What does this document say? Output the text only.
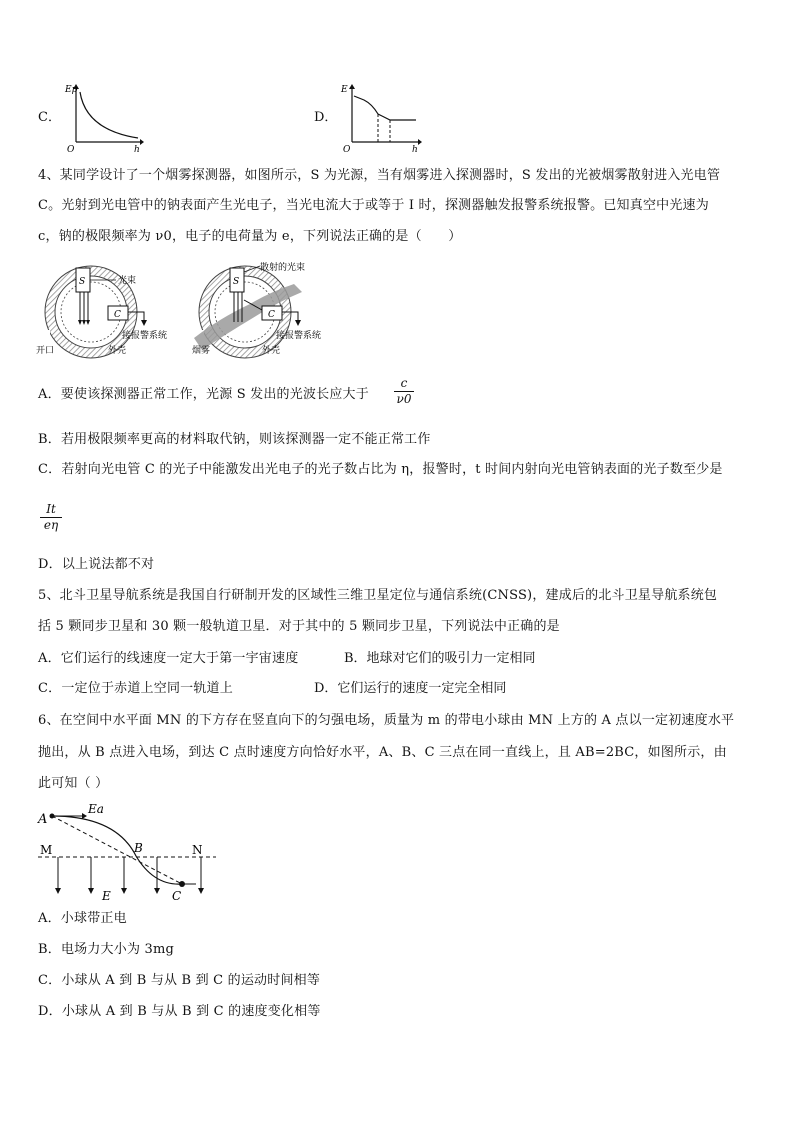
C．
Ep
h
O
D．
E
h
O
4、某同学设计了一个烟雾探测器，如图所示，S 为光源，当有烟雾进入探测器时，S 发出的光被烟雾散射进入光电管
C。光射到光电管中的钠表面产生光电子，当光电流大于或等于 I 时，探测器触发报警系统报警。已知真空中光速为
c，钠的极限频率为 ν0，电子的电荷量为 e，下列说法正确的是（　　）
S	光束
C
接报警系统
开口	外壳
S
散射的光束
C
接报警系统
烟雾	外壳
A．要使该探测器正常工作，光源 S 发出的光波长应大于 $\frac{c}{\nu 0}$
B．若用极限频率更高的材料取代钠，则该探测器一定不能正常工作
C．若射向光电管 C 的光子中能激发出光电子的光子数占比为 η，报警时，t 时间内射向光电管钠表面的光子数至少是
$\frac{It}{e\eta}$
D．以上说法都不对
5、北斗卫星导航系统是我国自行研制开发的区域性三维卫星定位与通信系统(CNSS)，建成后的北斗卫星导航系统包
括 5 颗同步卫星和 30 颗一般轨道卫星．对于其中的 5 颗同步卫星，下列说法中正确的是
A．它们运行的线速度一定大于第一宇宙速度	B．地球对它们的吸引力一定相同
C．一定位于赤道上空同一轨道上	D．它们运行的速度一定完全相同
6、在空间中水平面 MN 的下方存在竖直向下的匀强电场，质量为 m 的带电小球由 MN 上方的 A 点以一定初速度水平
抛出，从 B 点进入电场，到达 C 点时速度方向恰好水平，A、B、C 三点在同一直线上，且 AB=2BC，如图所示，由
此可知（ ）
A
Ea
M	B	N
E	C
A．小球带正电
B．电场力大小为 3mg
C．小球从 A 到 B 与从 B 到 C 的运动时间相等
D．小球从 A 到 B 与从 B 到 C 的速度变化相等
